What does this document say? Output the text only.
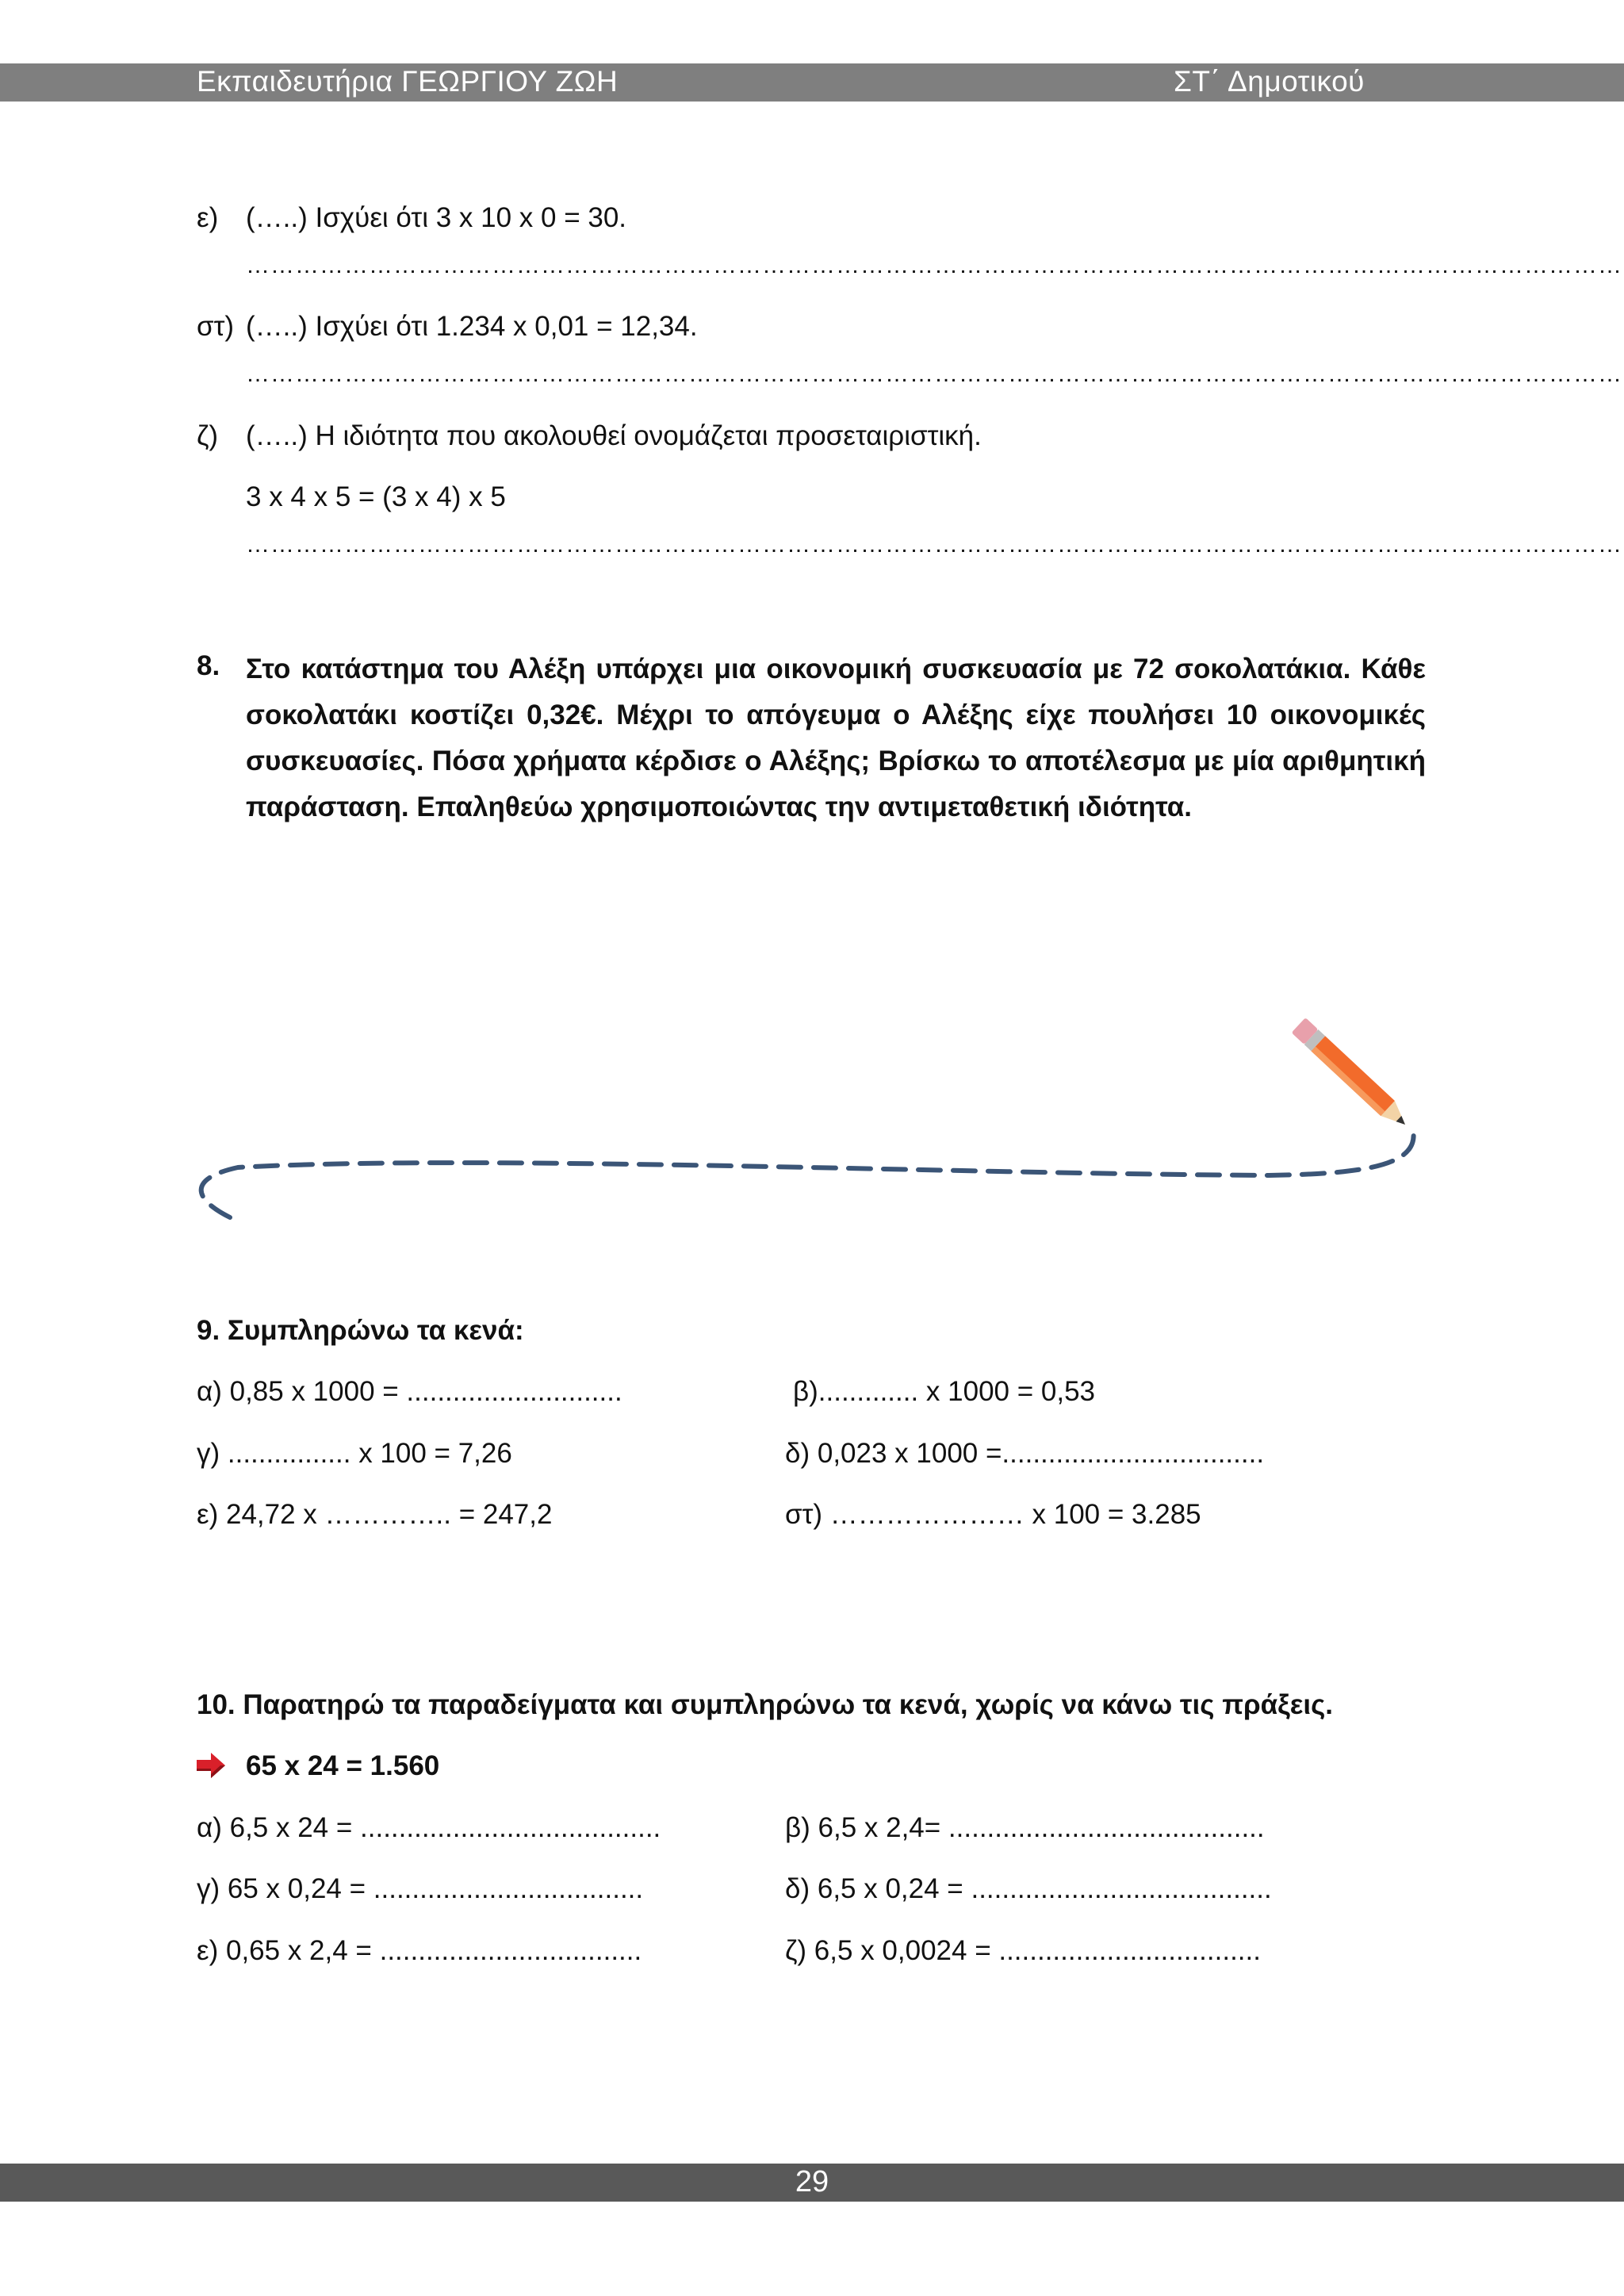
Εκπαιδευτήρια ΓΕΩΡΓΙΟΥ ΖΩΗ	ΣΤ΄ Δημοτικού
ε) (…..) Ισχύει ότι 3 x 10 x 0 = 30.
……………………………………………………………………………………………………………………………………………………
στ) (…..) Ισχύει ότι 1.234 x 0,01 = 12,34.
……………………………………………………………………………………………………………………………………………………
ζ) (…..) Η ιδιότητα που ακολουθεί ονομάζεται προσεταιριστική.
3 x 4 x 5 = (3 x 4) x 5
……………………………………………………………………………………………………………………………………………………
8. Στο κατάστημα του Αλέξη υπάρχει μια οικονομική συσκευασία με 72 σοκολατάκια. Κάθε σοκολατάκι κοστίζει 0,32€. Μέχρι το απόγευμα ο Αλέξης είχε πουλήσει 10 οικονομικές συσκευασίες. Πόσα χρήματα κέρδισε ο Αλέξης; Βρίσκω το αποτέλεσμα με μία αριθμητική παράσταση. Επαληθεύω χρησιμοποιώντας την αντιμεταθετική ιδιότητα.
9. Συμπληρώνω τα κενά:
α) 0,85 x 1000 = ............................	β)............. x 1000 = 0,53
γ) ................ x 100 = 7,26	δ) 0,023 x 1000 =..................................
ε) 24,72 x ………….. = 247,2	στ) ………………… x 100 = 3.285
10. Παρατηρώ τα παραδείγματα και συμπληρώνω τα κενά, χωρίς να κάνω τις πράξεις.
65 x 24 = 1.560
α) 6,5 x 24 = .......................................	β) 6,5 x 2,4= .........................................
γ) 65 x 0,24 = ...................................	δ) 6,5 x 0,24 = .......................................
ε) 0,65 x 2,4 = ..................................	ζ) 6,5 x 0,0024 = ..................................
29
